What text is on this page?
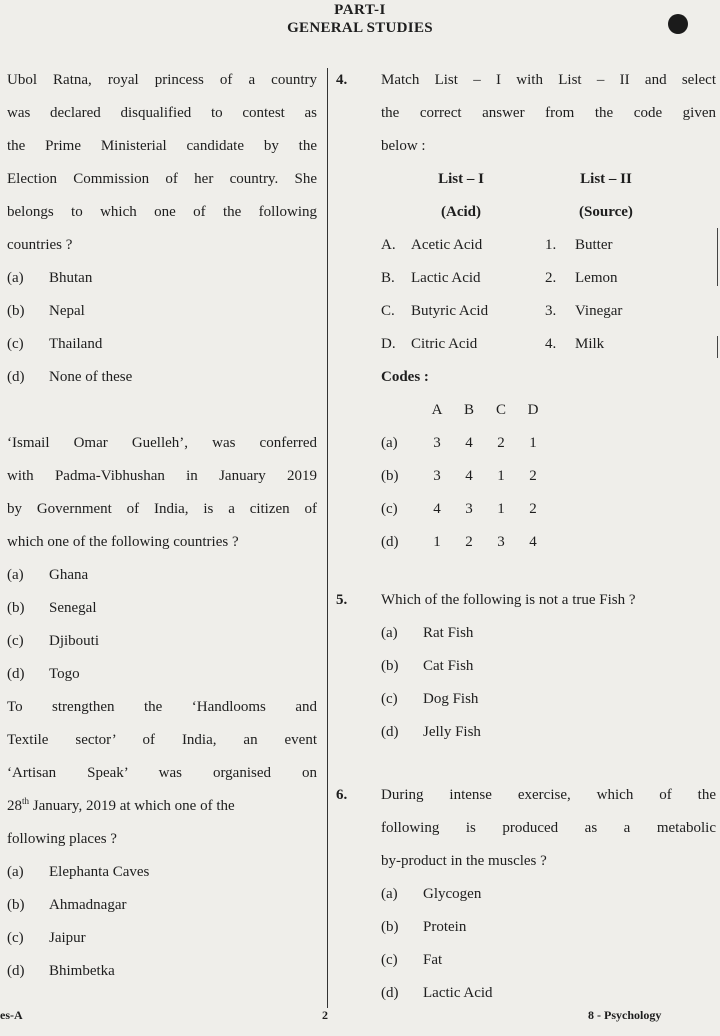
PART-I
GENERAL STUDIES
Ubol Ratna, royal princess of a country
was declared disqualified to contest as
the Prime Ministerial candidate by the
Election Commission of her country. She
belongs to which one of the following
countries ?
(a) Bhutan
(b) Nepal
(c) Thailand
(d) None of these
‘Ismail Omar Guelleh’, was conferred
with Padma-Vibhushan in January 2019
by Government of India, is a citizen of
which one of the following countries ?
(a) Ghana
(b) Senegal
(c) Djibouti
(d) Togo
To strengthen the ‘Handlooms and
Textile sector’ of India, an event
‘Artisan Speak’ was organised on
28th January, 2019 at which one of the
following places ?
(a) Elephanta Caves
(b) Ahmadnagar
(c) Jaipur
(d) Bhimbetka
4. Match List – I with List – II and select
the correct answer from the code given
below :
List – I	List – II
(Acid)	(Source)
A. Acetic Acid	1. Butter
B. Lactic Acid	2. Lemon
C. Butyric Acid	3. Vinegar
D. Citric Acid	4. Milk
Codes :
	A	B	C	D
(a)	3	4	2	1
(b)	3	4	1	2
(c)	4	3	1	2
(d)	1	2	3	4
5. Which of the following is not a true Fish ?
(a) Rat Fish
(b) Cat Fish
(c) Dog Fish
(d) Jelly Fish
6. During intense exercise, which of the
following is produced as a metabolic
by-product in the muscles ?
(a) Glycogen
(b) Protein
(c) Fat
(d) Lactic Acid
es-A	2	8 - Psychology
